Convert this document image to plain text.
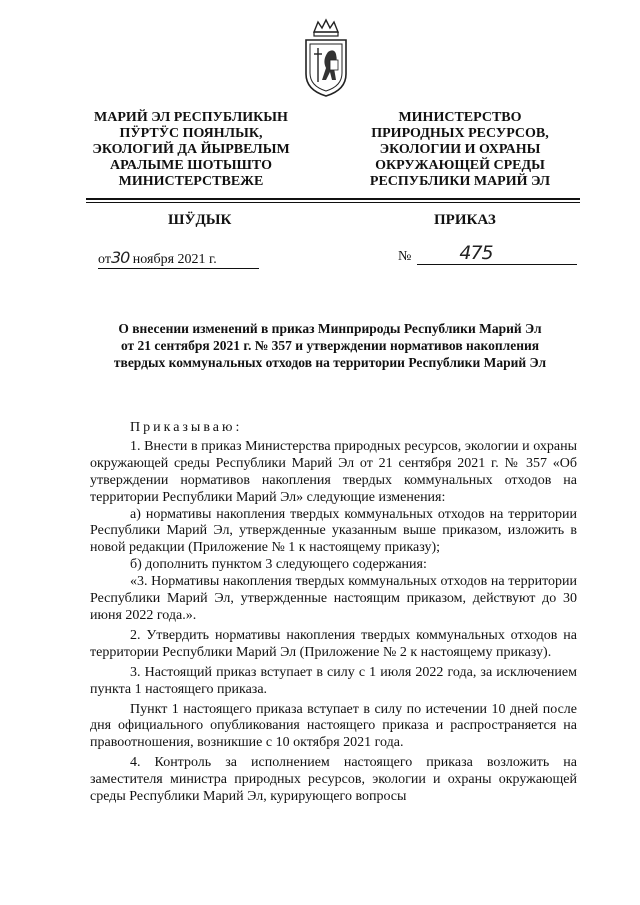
МАРИЙ ЭЛ РЕСПУБЛИКЫН
ПӰРТӰС ПОЯНЛЫК,
ЭКОЛОГИЙ ДА ЙЫРВЕЛЫМ
АРАЛЫМЕ ШОТЫШТО
МИНИСТЕРСТВЕЖЕ
МИНИСТЕРСТВО
ПРИРОДНЫХ РЕСУРСОВ,
ЭКОЛОГИИ И ОХРАНЫ
ОКРУЖАЮЩЕЙ СРЕДЫ
РЕСПУБЛИКИ МАРИЙ ЭЛ
ШӰДЫК	ПРИКАЗ
от30 ноября 2021 г.	№	475
О внесении изменений в приказ Минприроды Республики Марий Эл
от 21 сентября 2021 г. № 357 и утверждении нормативов накопления
твердых коммунальных отходов на территории Республики Марий Эл

Приказываю:

1. Внести в приказ Министерства природных ресурсов, экологии и охраны окружающей среды Республики Марий Эл от 21 сентября 2021 г. № 357 «Об утверждении нормативов накопления твердых коммунальных отходов на территории Республики Марий Эл» следующие изменения:

а) нормативы накопления твердых коммунальных отходов на территории Республики Марий Эл, утвержденные указанным выше приказом, изложить в новой редакции (Приложение № 1 к настоящему приказу);

б) дополнить пунктом 3 следующего содержания:

«3. Нормативы накопления твердых коммунальных отходов на территории Республики Марий Эл, утвержденные настоящим приказом, действуют до 30 июня 2022 года.».

2. Утвердить нормативы накопления твердых коммунальных отходов на территории Республики Марий Эл (Приложение № 2 к настоящему приказу).

3. Настоящий приказ вступает в силу с 1 июля 2022 года, за исключением пункта 1 настоящего приказа.

Пункт 1 настоящего приказа вступает в силу по истечении 10 дней после дня официального опубликования настоящего приказа и распространяется на правоотношения, возникшие с 10 октября 2021 года.

4. Контроль за исполнением настоящего приказа возложить на заместителя министра природных ресурсов, экологии и охраны окружающей среды Республики Марий Эл, курирующего вопросы
